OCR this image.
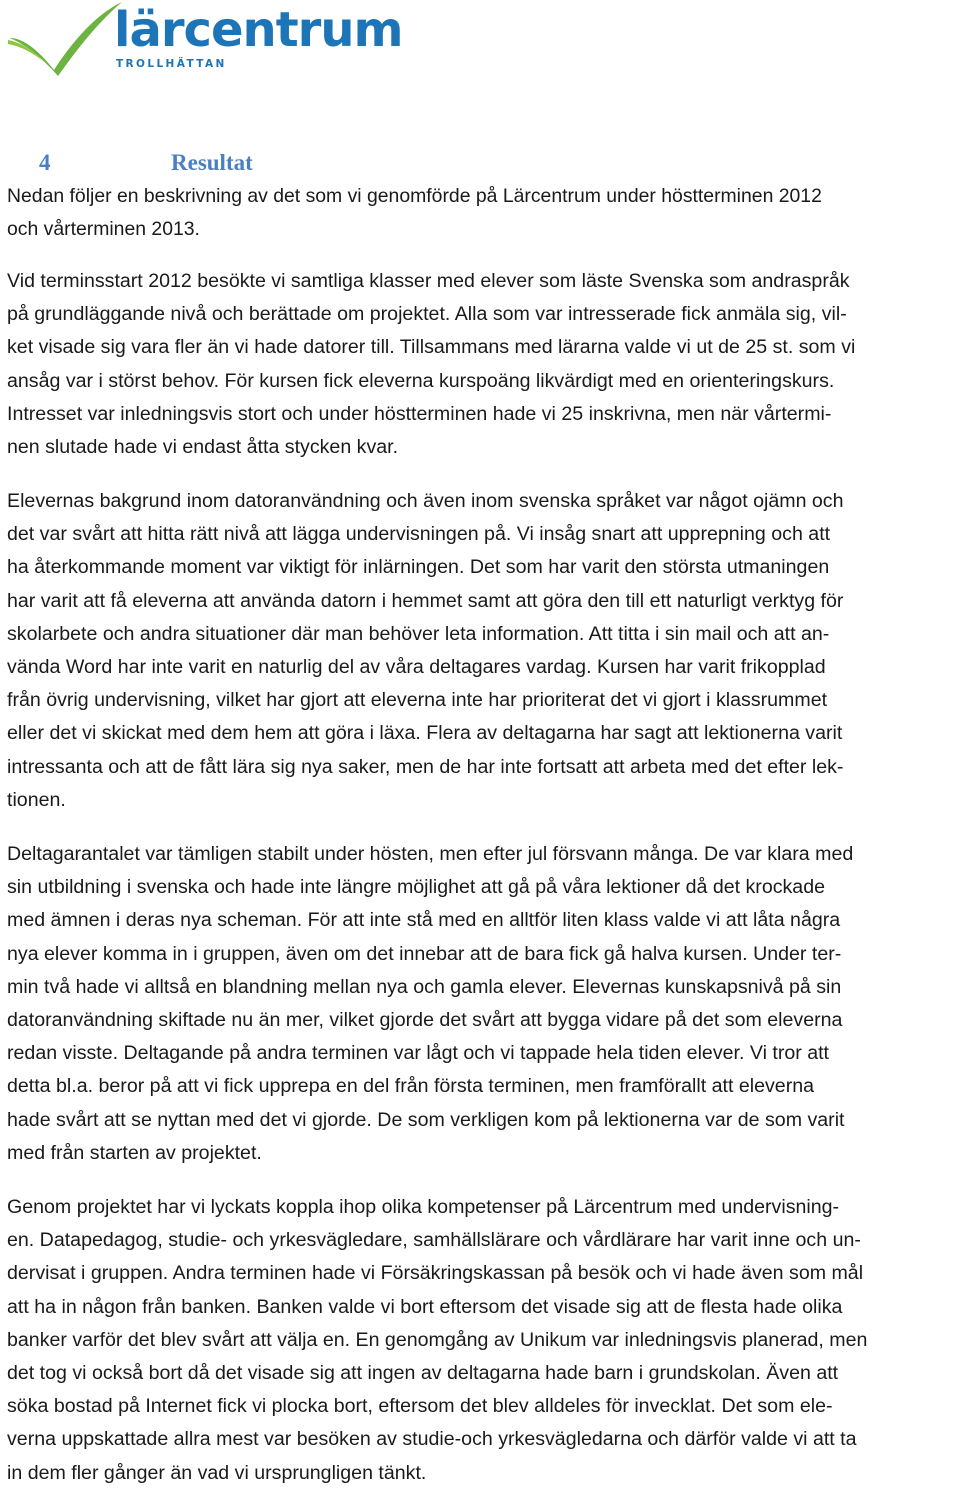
lärcentrum
TROLLHÄTTAN
4	Resultat
Nedan följer en beskrivning av det som vi genomförde på Lärcentrum under höstterminen 2012
och vårterminen 2013.
Vid terminsstart 2012 besökte vi samtliga klasser med elever som läste Svenska som andraspråk
på grundläggande nivå och berättade om projektet. Alla som var intresserade fick anmäla sig, vil-
ket visade sig vara fler än vi hade datorer till. Tillsammans med lärarna valde vi ut de 25 st. som vi
ansåg var i störst behov. För kursen fick eleverna kurspoäng likvärdigt med en orienteringskurs.
Intresset var inledningsvis stort och under höstterminen hade vi 25 inskrivna, men när vårtermi-
nen slutade hade vi endast åtta stycken kvar.
Elevernas bakgrund inom datoranvändning och även inom svenska språket var något ojämn och
det var svårt att hitta rätt nivå att lägga undervisningen på. Vi insåg snart att upprepning och att
ha återkommande moment var viktigt för inlärningen. Det som har varit den största utmaningen
har varit att få eleverna att använda datorn i hemmet samt att göra den till ett naturligt verktyg för
skolarbete och andra situationer där man behöver leta information. Att titta i sin mail och att an-
vända Word har inte varit en naturlig del av våra deltagares vardag. Kursen har varit frikopplad
från övrig undervisning, vilket har gjort att eleverna inte har prioriterat det vi gjort i klassrummet
eller det vi skickat med dem hem att göra i läxa. Flera av deltagarna har sagt att lektionerna varit
intressanta och att de fått lära sig nya saker, men de har inte fortsatt att arbeta med det efter lek-
tionen.
Deltagarantalet var tämligen stabilt under hösten, men efter jul försvann många. De var klara med
sin utbildning i svenska och hade inte längre möjlighet att gå på våra lektioner då det krockade
med ämnen i deras nya scheman. För att inte stå med en alltför liten klass valde vi att låta några
nya elever komma in i gruppen, även om det innebar att de bara fick gå halva kursen. Under ter-
min två hade vi alltså en blandning mellan nya och gamla elever. Elevernas kunskapsnivå på sin
datoranvändning skiftade nu än mer, vilket gjorde det svårt att bygga vidare på det som eleverna
redan visste. Deltagande på andra terminen var lågt och vi tappade hela tiden elever. Vi tror att
detta bl.a. beror på att vi fick upprepa en del från första terminen, men framförallt att eleverna
hade svårt att se nyttan med det vi gjorde. De som verkligen kom på lektionerna var de som varit
med från starten av projektet.
Genom projektet har vi lyckats koppla ihop olika kompetenser på Lärcentrum med undervisning-
en. Datapedagog, studie- och yrkesvägledare, samhällslärare och vårdlärare har varit inne och un-
dervisat i gruppen. Andra terminen hade vi Försäkringskassan på besök och vi hade även som mål
att ha in någon från banken. Banken valde vi bort eftersom det visade sig att de flesta hade olika
banker varför det blev svårt att välja en. En genomgång av Unikum var inledningsvis planerad, men
det tog vi också bort då det visade sig att ingen av deltagarna hade barn i grundskolan. Även att
söka bostad på Internet fick vi plocka bort, eftersom det blev alldeles för invecklat. Det som ele-
verna uppskattade allra mest var besöken av studie-och yrkesvägledarna och därför valde vi att ta
in dem fler gånger än vad vi ursprungligen tänkt.
